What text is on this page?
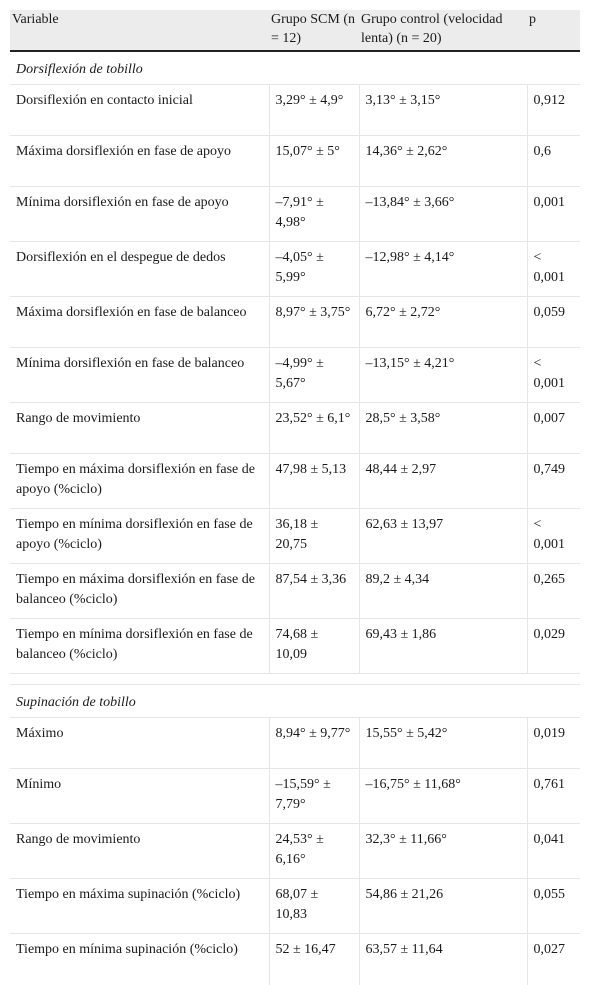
Variable	Grupo SCM (n = 12)	Grupo control (velocidad lenta) (n = 20)	p
Dorsiflexión de tobillo			
Dorsiflexión en contacto inicial	3,29° ± 4,9°	3,13° ± 3,15°	0,912
Máxima dorsiflexión en fase de apoyo	15,07° ± 5°	14,36° ± 2,62°	0,6
Mínima dorsiflexión en fase de apoyo	–7,91° ± 4,98°	–13,84° ± 3,66°	0,001
Dorsiflexión en el despegue de dedos	–4,05° ± 5,99°	–12,98° ± 4,14°	< 0,001
Máxima dorsiflexión en fase de balanceo	8,97° ± 3,75°	6,72° ± 2,72°	0,059
Mínima dorsiflexión en fase de balanceo	–4,99° ± 5,67°	–13,15° ± 4,21°	< 0,001
Rango de movimiento	23,52° ± 6,1°	28,5° ± 3,58°	0,007
Tiempo en máxima dorsiflexión en fase de apoyo (%ciclo)	47,98 ± 5,13	48,44 ± 2,97	0,749
Tiempo en mínima dorsiflexión en fase de apoyo (%ciclo)	36,18 ± 20,75	62,63 ± 13,97	< 0,001
Tiempo en máxima dorsiflexión en fase de balanceo (%ciclo)	87,54 ± 3,36	89,2 ± 4,34	0,265
Tiempo en mínima dorsiflexión en fase de balanceo (%ciclo)	74,68 ± 10,09	69,43 ± 1,86	0,029

Supinación de tobillo			
Máximo	8,94° ± 9,77°	15,55° ± 5,42°	0,019
Mínimo	–15,59° ± 7,79°	–16,75° ± 11,68°	0,761
Rango de movimiento	24,53° ± 6,16°	32,3° ± 11,66°	0,041
Tiempo en máxima supinación (%ciclo)	68,07 ± 10,83	54,86 ± 21,26	0,055
Tiempo en mínima supinación (%ciclo)	52 ± 16,47	63,57 ± 11,64	0,027
